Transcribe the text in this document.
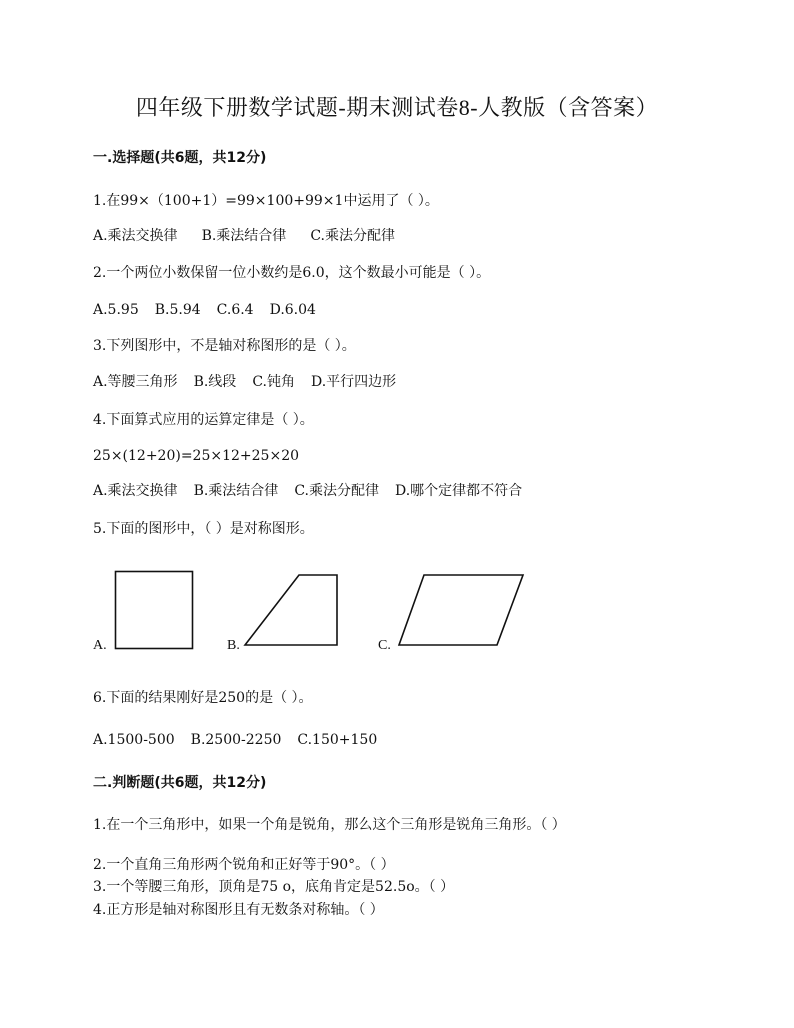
四年级下册数学试题-期末测试卷8-人教版（含答案）
一.选择题(共6题，共12分)
1.在99×（100+1）=99×100+99×1中运用了（ ）。
A.乘法交换律 B.乘法结合律 C.乘法分配律
2.一个两位小数保留一位小数约是6.0，这个数最小可能是（ ）。
A.5.95 B.5.94 C.6.4 D.6.04
3.下列图形中，不是轴对称图形的是（ ）。
A.等腰三角形 B.线段 C.钝角 D.平行四边形
4.下面算式应用的运算定律是（ ）。
25×(12+20)=25×12+25×20
A.乘法交换律 B.乘法结合律 C.乘法分配律 D.哪个定律都不符合
5.下面的图形中，（ ）是对称图形。
A.	B.	C.
6.下面的结果刚好是250的是（ ）。
A.1500-500 B.2500-2250 C.150+150
二.判断题(共6题，共12分)
1.在一个三角形中，如果一个角是锐角，那么这个三角形是锐角三角形。（ ）
2.一个直角三角形两个锐角和正好等于90°。（ ）
3.一个等腰三角形，顶角是75 o，底角肯定是52.5o。（ ）
4.正方形是轴对称图形且有无数条对称轴。（ ）
